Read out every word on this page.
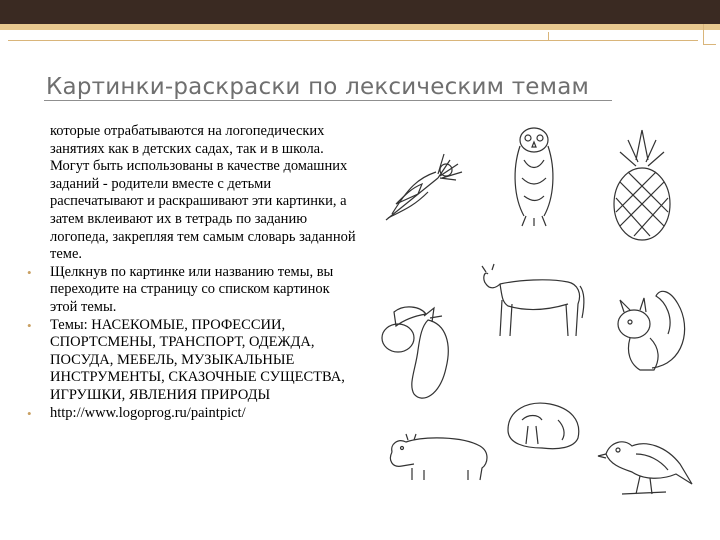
Картинки-раскраски по лексическим темам

которые отрабатываются на логопедических занятиях как в детских садах, так и в школа. Могут быть использованы в качестве домашних заданий - родители вместе с детьми распечатывают и раскрашивают эти картинки, а затем вклеивают их в тетрадь по заданию логопеда, закрепляя тем самым словарь заданной теме.

• Щелкнув по картинке или названию темы, вы переходите на страницу со списком картинок этой темы.

• Темы: НАСЕКОМЫЕ, ПРОФЕССИИ, СПОРТСМЕНЫ, ТРАНСПОРТ, ОДЕЖДА, ПОСУДА, МЕБЕЛЬ, МУЗЫКАЛЬНЫЕ ИНСТРУМЕНТЫ, СКАЗОЧНЫЕ СУЩЕСТВА, ИГРУШКИ, ЯВЛЕНИЯ ПРИРОДЫ

• http://www.logoprog.ru/paintpict/
